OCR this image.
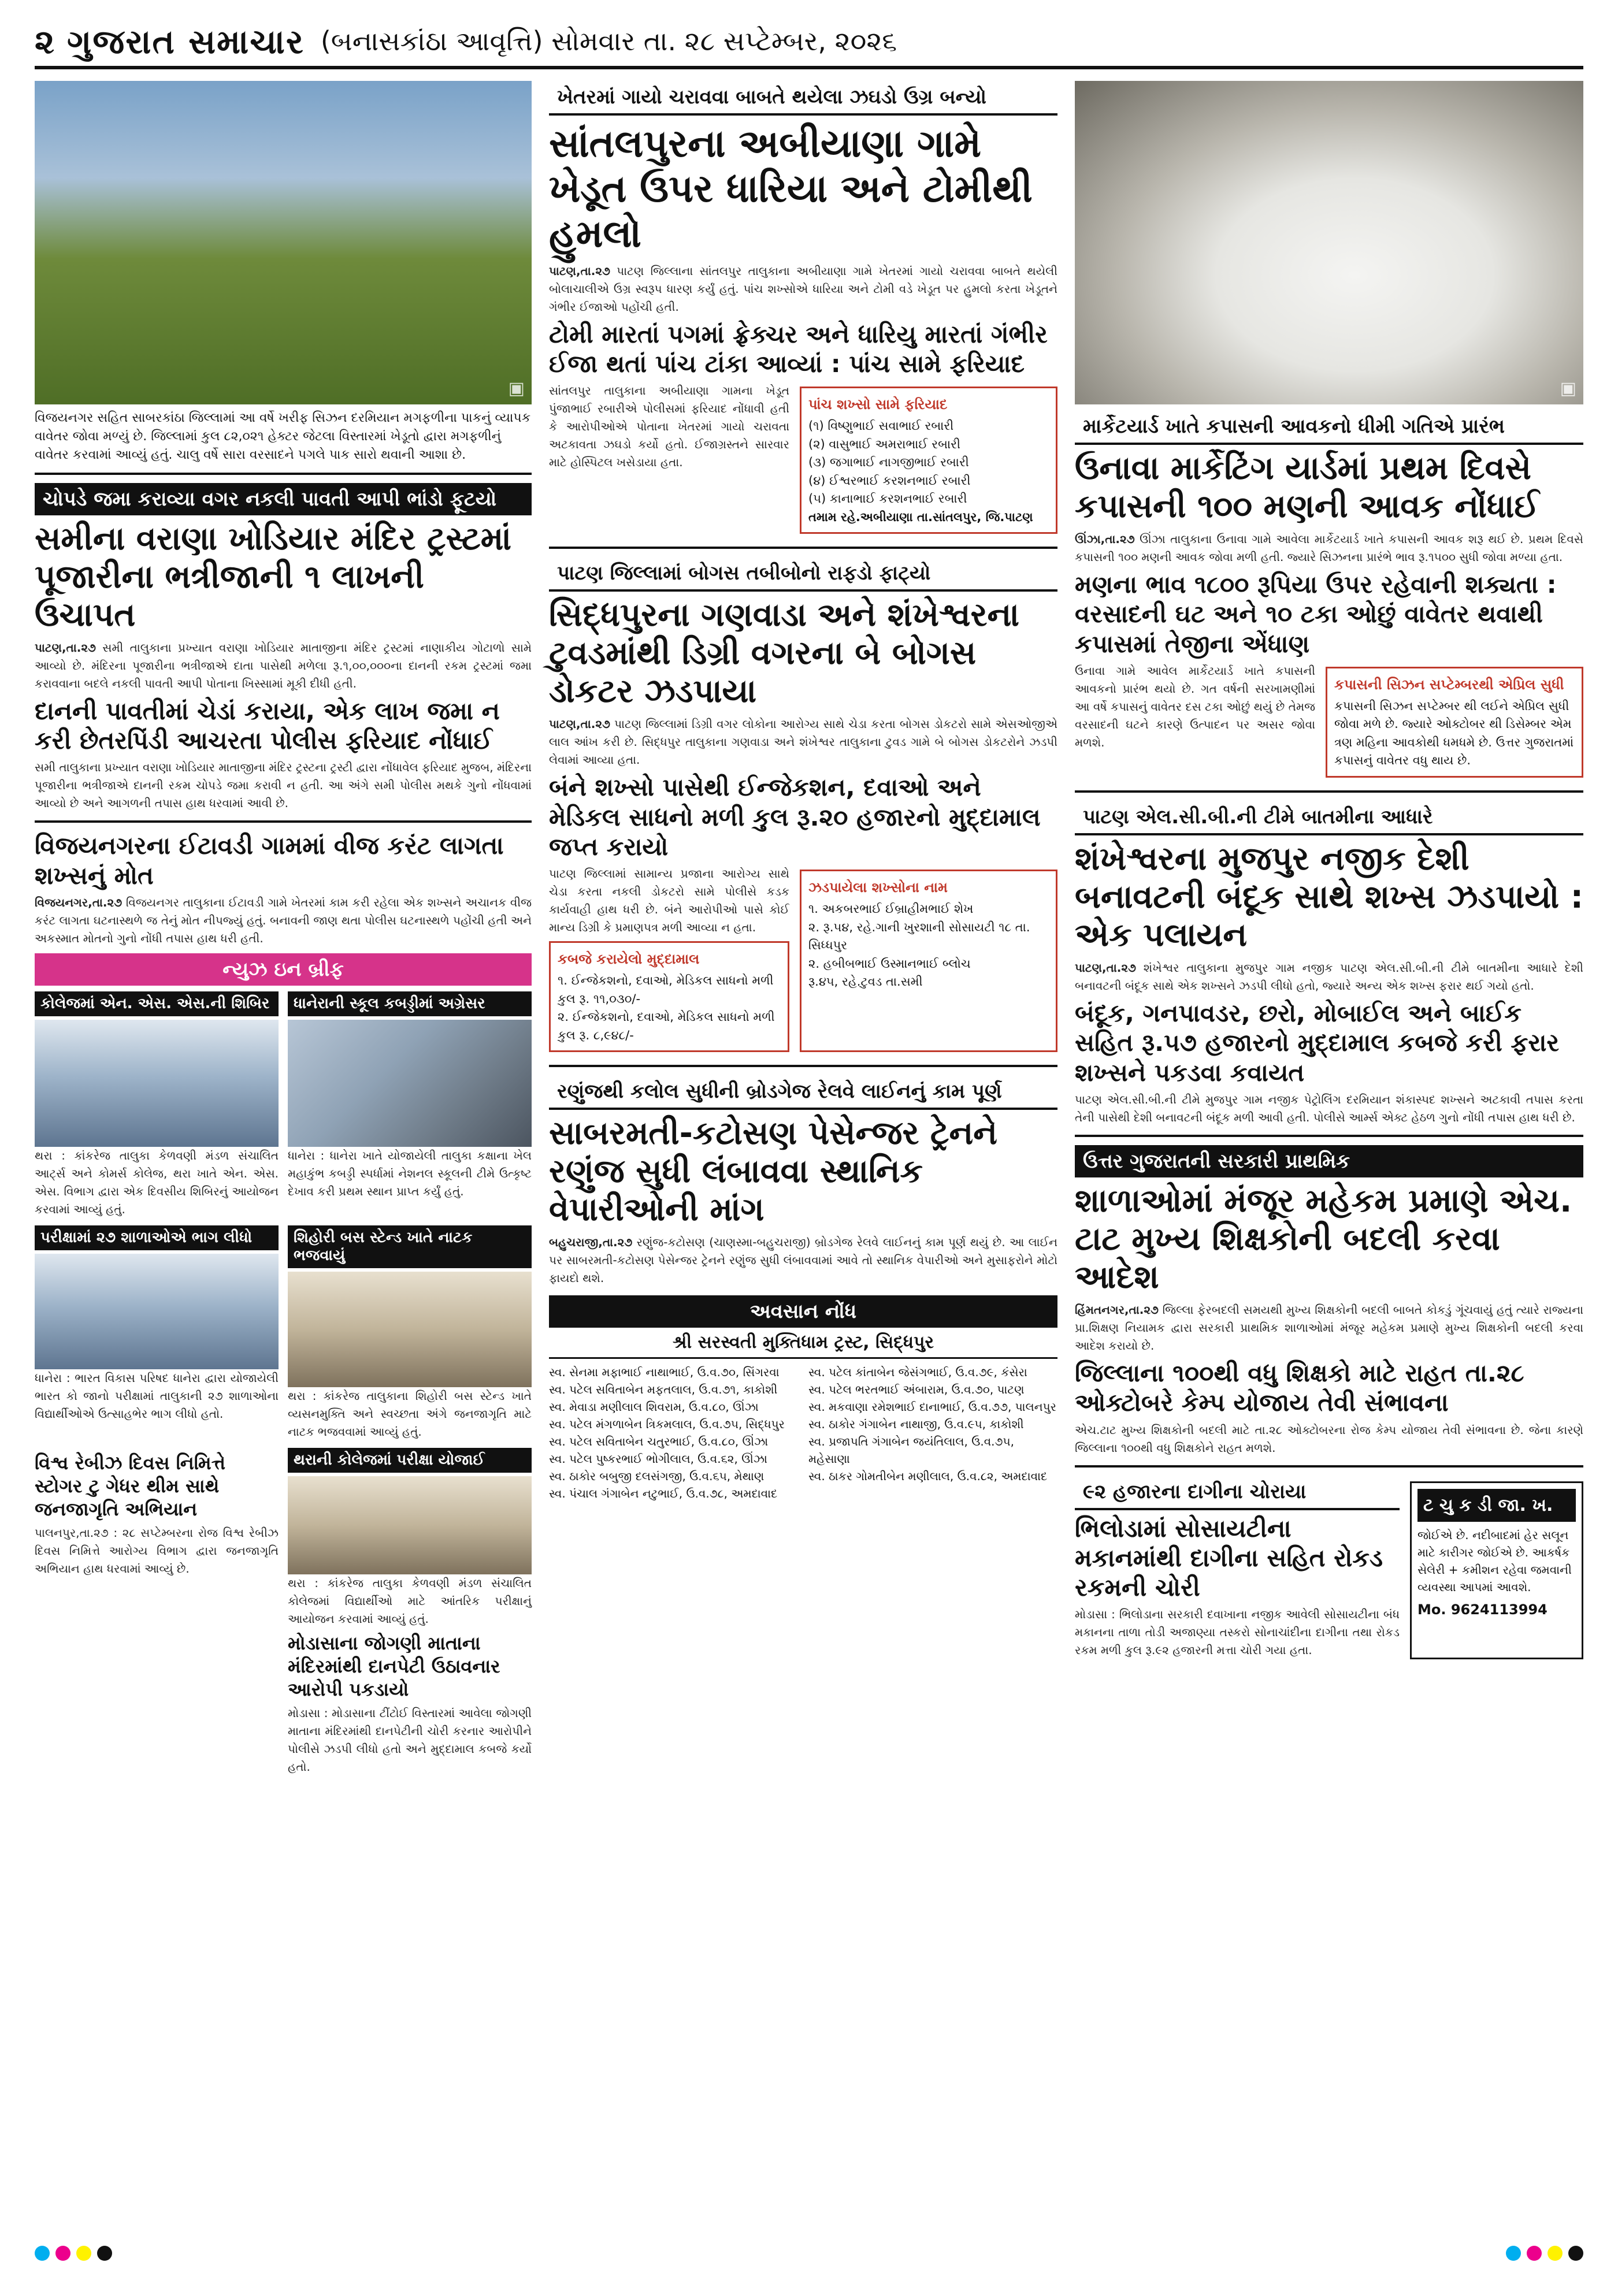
૨ ગુજરાત સમાચાર (બનાસકાંઠા આવૃત્તિ) સોમવાર તા. ૨૮ સપ્ટેમ્બર, ૨૦૨૬
▣
વિજયનગર સહિત સાબરકાંઠા જિલ્લામાં આ વર્ષે ખરીફ સિઝન દરમિયાન મગફળીના પાકનું વ્યાપક વાવેતર જોવા મળ્યું છે. જિલ્લામાં કુલ ૮૨,૦૨૧ હેક્ટર જેટલા વિસ્તારમાં ખેડૂતો દ્વારા મગફળીનું વાવેતર કરવામાં આવ્યું હતું. ચાલુ વર્ષે સારા વરસાદને પગલે પાક સારો થવાની આશા છે.
ચોપડે જમા કરાવ્યા વગર નકલી પાવતી આપી ભાંડો ફૂટયો
સમીના વરાણા ખોડિયાર મંદિર ટ્રસ્ટમાં પૂજારીના ભત્રીજાની ૧ લાખની ઉચાપત
પાટણ,તા.૨૭ સમી તાલુકાના પ્રખ્યાત વરાણા ખોડિયાર માતાજીના મંદિર ટ્રસ્ટમાં નાણાકીય ગોટાળો સામે આવ્યો છે. મંદિરના પૂજારીના ભત્રીજાએ દાતા પાસેથી મળેલા રૂ.૧,૦૦,૦૦૦ના દાનની રકમ ટ્રસ્ટમાં જમા કરાવવાના બદલે નકલી પાવતી આપી પોતાના ખિસ્સામાં મૂકી દીધી હતી.
દાનની પાવતીમાં ચેડાં કરાયા, એક લાખ જમા ન કરી છેતરપિંડી આચરતા પોલીસ ફરિયાદ નોંધાઈ
સમી તાલુકાના પ્રખ્યાત વરાણા ખોડિયાર માતાજીના મંદિર ટ્રસ્ટના ટ્રસ્ટી દ્વારા નોંધાવેલ ફરિયાદ મુજબ, મંદિરના પૂજારીના ભત્રીજાએ દાનની રકમ ચોપડે જમા કરાવી ન હતી. આ અંગે સમી પોલીસ મથકે ગુનો નોંધવામાં આવ્યો છે અને આગળની તપાસ હાથ ધરવામાં આવી છે.
વિજયનગરના ઈટાવડી ગામમાં વીજ કરંટ લાગતા શખ્સનું મોત
વિજયનગર,તા.૨૭ વિજયનગર તાલુકાના ઈટાવડી ગામે ખેતરમાં કામ કરી રહેલા એક શખ્સને અચાનક વીજ કરંટ લાગતા ઘટનાસ્થળે જ તેનું મોત નીપજ્યું હતું. બનાવની જાણ થતા પોલીસ ઘટનાસ્થળે પહોંચી હતી અને અકસ્માત મોતનો ગુનો નોંધી તપાસ હાથ ધરી હતી.
ન્યુઝ ઇન બ્રીફ
કોલેજમાં એન. એસ. એસ.ની શિબિર
થરા : કાંકરેજ તાલુકા કેળવણી મંડળ સંચાલિત આર્ટ્સ અને કોમર્સ કોલેજ, થરા ખાતે એન. એસ. એસ. વિભાગ દ્વારા એક દિવસીય શિબિરનું આયોજન કરવામાં આવ્યું હતું.
ધાનેરાની સ્કૂલ કબડ્ડીમાં અગ્રેસર
ધાનેરા : ધાનેરા ખાતે યોજાયેલી તાલુકા કક્ષાના ખેલ મહાકુંભ કબડ્ડી સ્પર્ધામાં નેશનલ સ્કૂલની ટીમે ઉત્કૃષ્ટ દેખાવ કરી પ્રથમ સ્થાન પ્રાપ્ત કર્યું હતું.
પરીક્ષામાં ૨૭ શાળાઓએ ભાગ લીધો
ધાનેરા : ભારત વિકાસ પરિષદ ધાનેરા દ્વારા યોજાયેલી ભારત કો જાનો પરીક્ષામાં તાલુકાની ૨૭ શાળાઓના વિદ્યાર્થીઓએ ઉત્સાહભેર ભાગ લીધો હતો.
શિહોરી બસ સ્ટેન્ડ ખાતે નાટક ભજવાયું
થરા : કાંકરેજ તાલુકાના શિહોરી બસ સ્ટેન્ડ ખાતે વ્યસનમુક્તિ અને સ્વચ્છતા અંગે જનજાગૃતિ માટે નાટક ભજવવામાં આવ્યું હતું.
વિશ્વ રેબીઝ દિવસ નિમિત્તે સ્ટોગર ટુ ગેધર થીમ સાથે જનજાગૃતિ અભિયાન
પાલનપુર,તા.૨૭ : ૨૮ સપ્ટેમ્બરના રોજ વિશ્વ રેબીઝ દિવસ નિમિત્તે આરોગ્ય વિભાગ દ્વારા જનજાગૃતિ અભિયાન હાથ ધરવામાં આવ્યું છે.
થરાની કોલેજમાં પરીક્ષા યોજાઈ
થરા : કાંકરેજ તાલુકા કેળવણી મંડળ સંચાલિત કોલેજમાં વિદ્યાર્થીઓ માટે આંતરિક પરીક્ષાનું આયોજન કરવામાં આવ્યું હતું.
મોડાસાના જોગણી માતાના મંદિરમાંથી દાનપેટી ઉઠાવનાર આરોપી પકડાયો
મોડાસા : મોડાસાના ટીંટોઈ વિસ્તારમાં આવેલા જોગણી માતાના મંદિરમાંથી દાનપેટીની ચોરી કરનાર આરોપીને પોલીસે ઝડપી લીધો હતો અને મુદ્દામાલ કબજે કર્યો હતો.
ખેતરમાં ગાયો ચરાવવા બાબતે થયેલા ઝઘડો ઉગ્ર બન્યો
સાંતલપુરના અબીયાણા ગામે ખેડૂત ઉપર ધારિયા અને ટોમીથી હુમલો
પાટણ,તા.૨૭ પાટણ જિલ્લાના સાંતલપુર તાલુકાના અબીયાણા ગામે ખેતરમાં ગાયો ચરાવવા બાબતે થયેલી બોલાચાલીએ ઉગ્ર સ્વરૂપ ધારણ કર્યું હતું. પાંચ શખ્સોએ ધારિયા અને ટોમી વડે ખેડૂત પર હુમલો કરતા ખેડૂતને ગંભીર ઈજાઓ પહોંચી હતી.
ટોમી મારતાં પગમાં ફ્રેક્ચર અને ધારિયુ મારતાં ગંભીર ઈજા થતાં પાંચ ટાંકા આવ્યાં : પાંચ સામે ફરિયાદ
સાંતલપુર તાલુકાના અબીયાણા ગામના ખેડૂત પુંજાભાઈ રબારીએ પોલીસમાં ફરિયાદ નોંધાવી હતી કે આરોપીઓએ પોતાના ખેતરમાં ગાયો ચરાવતા અટકાવતા ઝઘડો કર્યો હતો. ઈજાગ્રસ્તને સારવાર માટે હોસ્પિટલ ખસેડાયા હતા.
પાંચ શખ્સો સામે ફરિયાદ
(૧) વિષ્ણુભાઈ સવાભાઈ રબારી
(૨) વાસુભાઈ અમરાભાઈ રબારી
(૩) જગાભાઈ નાગજીભાઈ રબારી
(૪) ઈશ્વરભાઈ કરશનભાઈ રબારી
(૫) કાનાભાઈ કરશનભાઈ રબારી
તમામ રહે.અબીયાણા તા.સાંતલપુર, જિ.પાટણ
પાટણ જિલ્લામાં બોગસ તબીબોનો રાફડો ફાટ્યો
સિદ્ધપુરના ગણવાડા અને શંખેશ્વરના ટુવડમાંથી ડિગ્રી વગરના બે બોગસ ડોકટર ઝડપાયા
પાટણ,તા.૨૭ પાટણ જિલ્લામાં ડિગ્રી વગર લોકોના આરોગ્ય સાથે ચેડા કરતા બોગસ ડોકટરો સામે એસઓજીએ લાલ આંખ કરી છે. સિદ્ધપુર તાલુકાના ગણવાડા અને શંખેશ્વર તાલુકાના ટુવડ ગામે બે બોગસ ડોકટરોને ઝડપી લેવામાં આવ્યા હતા.
બંને શખ્સો પાસેથી ઈન્જેકશન, દવાઓ અને મેડિકલ સાધનો મળી કુલ રૂ.૨૦ હજારનો મુદ્દામાલ જપ્ત કરાયો
પાટણ જિલ્લામાં સામાન્ય પ્રજાના આરોગ્ય સાથે ચેડા કરતા નકલી ડોકટરો સામે પોલીસે કડક કાર્યવાહી હાથ ધરી છે. બંને આરોપીઓ પાસે કોઈ માન્ય ડિગ્રી કે પ્રમાણપત્ર મળી આવ્યા ન હતા.
કબજે કરાયેલો મુદ્દામાલ
૧. ઈન્જેકશનો, દવાઓ, મેડિકલ સાધનો મળી કુલ રૂ. ૧૧,૦૩૦/-
૨. ઈન્જેકશનો, દવાઓ, મેડિકલ સાધનો મળી કુલ રૂ. ૮,૯૪૮/-
ઝડપાયેલા શખ્સોના નામ
૧. અકબરભાઈ ઈબ્રાહીમભાઈ શેખ
૨. રૂ.૫૪, રહે.ગાની ખુરશાની સોસાયટી ૧૮ તા. સિધ્ધપુર
૨. હબીબભાઈ ઉસ્માનભાઈ બ્લોચ
રૂ.૪૫, રહે.ટુવડ તા.સમી
રણુંજથી કલોલ સુધીની બ્રોડગેજ રેલવે લાઈનનું કામ પૂર્ણ
સાબરમતી-કટોસણ પેસેન્જર ટ્રેનને રણુંજ સુધી લંબાવવા સ્થાનિક વેપારીઓની માંગ
બહુચરાજી,તા.૨૭ રણુંજ-કટોસણ (ચાણસ્મા-બહુચરાજી) બ્રોડગેજ રેલવે લાઈનનું કામ પૂર્ણ થયું છે. આ લાઈન પર સાબરમતી-કટોસણ પેસેન્જર ટ્રેનને રણુંજ સુધી લંબાવવામાં આવે તો સ્થાનિક વેપારીઓ અને મુસાફરોને મોટો ફાયદો થશે.
અવસાન નોંધ
શ્રી સરસ્વતી મુક્તિધામ ટ્રસ્ટ, સિદ્ધપુર
સ્વ. સેનમા મફાભાઈ નાથાભાઈ, ઉ.વ.૭૦, સિંગરવા
સ્વ. પટેલ સવિતાબેન મફતલાલ, ઉ.વ.૭૧, કાકોશી
સ્વ. મેવાડા મણીલાલ શિવરામ, ઉ.વ.૮૦, ઊંઝા
સ્વ. પટેલ મંગળાબેન ત્રિકમલાલ, ઉ.વ.૭૫, સિદ્ધપુર
સ્વ. પટેલ સવિતાબેન ચતુરભાઈ, ઉ.વ.૮૦, ઊંઝા
સ્વ. પટેલ પુષ્કરભાઈ ભોગીલાલ, ઉ.વ.૬૨, ઊંઝા
સ્વ. ઠાકોર બબુજી દલસંગજી, ઉ.વ.૬૫, મેથાણ
સ્વ. પંચાલ ગંગાબેન નટુભાઈ, ઉ.વ.૭૮, અમદાવાદ
સ્વ. પટેલ કાંતાબેન જેસંગભાઈ, ઉ.વ.૭૯, કંસેરા
સ્વ. પટેલ ભરતભાઈ અંબારામ, ઉ.વ.૭૦, પાટણ
સ્વ. મકવાણા રમેશભાઈ દાનાભાઈ, ઉ.વ.૭૭, પાલનપુર
સ્વ. ઠાકોર ગંગાબેન નાથાજી, ઉ.વ.૯૫, કાકોશી
સ્વ. પ્રજાપતિ ગંગાબેન જયંતિલાલ, ઉ.વ.૭૫, મહેસાણા
સ્વ. ઠાકર ગોમતીબેન મણીલાલ, ઉ.વ.૮૨, અમદાવાદ
▣
માર્કેટયાર્ડ ખાતે કપાસની આવકનો ધીમી ગતિએ પ્રારંભ
ઉનાવા માર્કેટિંગ યાર્ડમાં પ્રથમ દિવસે કપાસની ૧૦૦ મણની આવક નોંધાઈ
ઊંઝા,તા.૨૭ ઊંઝા તાલુકાના ઉનાવા ગામે આવેલા માર્કેટયાર્ડ ખાતે કપાસની આવક શરૂ થઈ છે. પ્રથમ દિવસે કપાસની ૧૦૦ મણની આવક જોવા મળી હતી. જ્યારે સિઝનના પ્રારંભે ભાવ રૂ.૧૫૦૦ સુધી જોવા મળ્યા હતા.
મણના ભાવ ૧૮૦૦ રૂપિયા ઉપર રહેવાની શક્યતા : વરસાદની ઘટ અને ૧૦ ટકા ઓછું વાવેતર થવાથી કપાસમાં તેજીના એંધાણ
ઉનાવા ગામે આવેલ માર્કેટયાર્ડ ખાતે કપાસની આવકનો પ્રારંભ થયો છે. ગત વર્ષની સરખામણીમાં આ વર્ષે કપાસનું વાવેતર દસ ટકા ઓછું થયું છે તેમજ વરસાદની ઘટને કારણે ઉત્પાદન પર અસર જોવા મળશે.
કપાસની સિઝન સપ્ટેમ્બરથી એપ્રિલ સુધી
કપાસની સિઝન સપ્ટેમ્બર થી લઈને એપ્રિલ સુધી જોવા મળે છે. જ્યારે ઓક્ટોબર થી ડિસેમ્બર એમ ત્રણ મહિના આવકોથી ધમધમે છે. ઉત્તર ગુજરાતમાં કપાસનું વાવેતર વધુ થાય છે.
પાટણ એલ.સી.બી.ની ટીમે બાતમીના આધારે
શંખેશ્વરના મુજપુર નજીક દેશી બનાવટની બંદૂક સાથે શખ્સ ઝડપાયો : એક પલાયન
પાટણ,તા.૨૭ શંખેશ્વર તાલુકાના મુજપુર ગામ નજીક પાટણ એલ.સી.બી.ની ટીમે બાતમીના આધારે દેશી બનાવટની બંદૂક સાથે એક શખ્સને ઝડપી લીધો હતો, જ્યારે અન્ય એક શખ્સ ફરાર થઈ ગયો હતો.
બંદૂક, ગનપાવડર, છરો, મોબાઈલ અને બાઈક સહિત રૂ.૫૭ હજારનો મુદ્દામાલ કબજે કરી ફરાર શખ્સને પકડવા કવાયત
પાટણ એલ.સી.બી.ની ટીમે મુજપુર ગામ નજીક પેટ્રોલિંગ દરમિયાન શંકાસ્પદ શખ્સને અટકાવી તપાસ કરતા તેની પાસેથી દેશી બનાવટની બંદૂક મળી આવી હતી. પોલીસે આર્મ્સ એક્ટ હેઠળ ગુનો નોંધી તપાસ હાથ ધરી છે.
ઉત્તર ગુજરાતની સરકારી પ્રાથમિક
શાળાઓમાં મંજૂર મહેકમ પ્રમાણે એચ. ટાટ મુખ્ય શિક્ષકોની બદલી કરવા આદેશ
હિંમતનગર,તા.૨૭ જિલ્લા ફેરબદલી સમયથી મુખ્ય શિક્ષકોની બદલી બાબતે કોકડું ગૂંચવાયું હતું ત્યારે રાજ્યના પ્રા.શિક્ષણ નિયામક દ્વારા સરકારી પ્રાથમિક શાળાઓમાં મંજૂર મહેકમ પ્રમાણે મુખ્ય શિક્ષકોની બદલી કરવા આદેશ કરાયો છે.
જિલ્લાના ૧૦૦થી વધુ શિક્ષકો માટે રાહત તા.૨૮ ઓક્ટોબરે કેમ્પ યોજાય તેવી સંભાવના
એચ.ટાટ મુખ્ય શિક્ષકોની બદલી માટે તા.૨૮ ઓક્ટોબરના રોજ કેમ્પ યોજાય તેવી સંભાવના છે. જેના કારણે જિલ્લાના ૧૦૦થી વધુ શિક્ષકોને રાહત મળશે.
૯૨ હજારના દાગીના ચોરાયા
ભિલોડામાં સોસાયટીના મકાનમાંથી દાગીના સહિત રોકડ રકમની ચોરી
મોડાસા : ભિલોડાના સરકારી દવાખાના નજીક આવેલી સોસાયટીના બંધ મકાનના તાળા તોડી અજાણ્યા તસ્કરો સોનાચાંદીના દાગીના તથા રોકડ રકમ મળી કુલ રૂ.૯૨ હજારની મત્તા ચોરી ગયા હતા.
ટ ચુ ક ડી જા. ખ.
જોઈએ છે. નદીબાદમાં હેર સલૂન માટે કારીગર જોઈએ છે. આકર્ષક સેલેરી + કમીશન રહેવા જમવાની વ્યવસ્થા આપમાં આવશે.
Mo. 9624113994
